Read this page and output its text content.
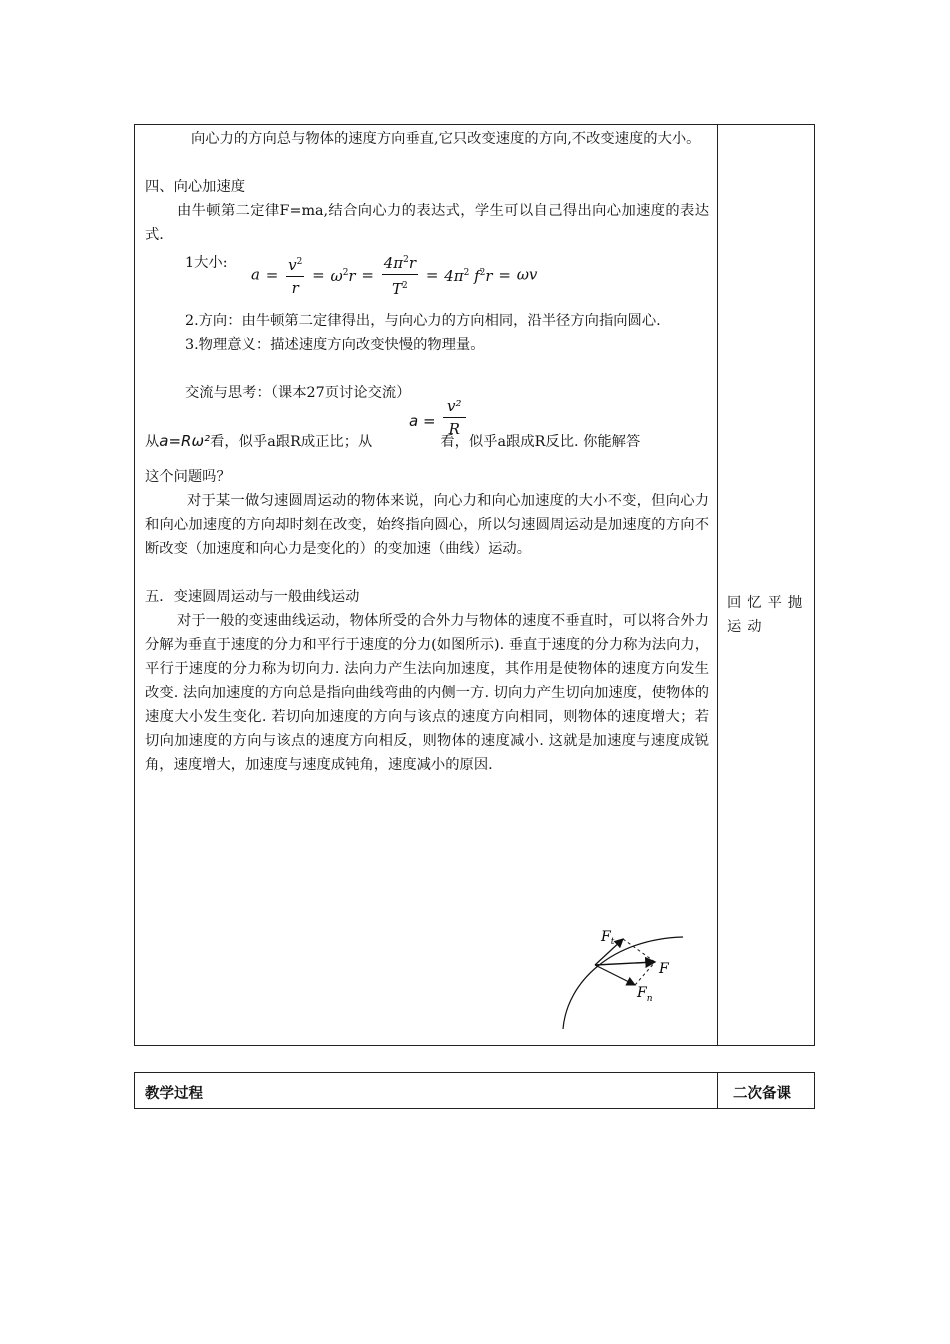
向心力的方向总与物体的速度方向垂直,它只改变速度的方向,不改变速度的大小。

四、向心加速度

由牛顿第二定律F=ma,结合向心力的表达式，学生可以自己得出向心加速度的表达式.

1大小:
$a = \frac{v^2}{r} = \omega^2r = \frac{4\pi^2r}{T^2} = 4\pi^2$ $f^2r = \omega v$

2.方向：由牛顿第二定律得出，与向心力的方向相同，沿半径方向指向圆心.

3.物理意义：描述速度方向改变快慢的物理量。

交流与思考：（课本27页讨论交流）

从a=Rω²看，似乎a跟R成正比；从	看，似乎a跟成R反比. 你能解答
$a = \frac{\text{v²}}{R}$

这个问题吗？

对于某一做匀速圆周运动的物体来说，向心力和向心加速度的大小不变，但向心力和向心加速度的方向却时刻在改变，始终指向圆心，所以匀速圆周运动是加速度的方向不断改变（加速度和向心力是变化的）的变加速（曲线）运动。

五．变速圆周运动与一般曲线运动

对于一般的变速曲线运动，物体所受的合外力与物体的速度不垂直时，可以将合外力分解为垂直于速度的分力和平行于速度的分力(如图所示). 垂直于速度的分力称为法向力，平行于速度的分力称为切向力. 法向力产生法向加速度，其作用是使物体的速度方向发生改变. 法向加速度的方向总是指向曲线弯曲的内侧一方. 切向力产生切向加速度，使物体的速度大小发生变化. 若切向加速度的方向与该点的速度方向相同，则物体的速度增大；若切向加速度的方向与该点的速度方向相反，则物体的速度减小. 这就是加速度与速度成锐角，速度增大，加速度与速度成钝角，速度减小的原因.

$F_t$
F
$F_n$
回忆平抛运动
教学过程	二次备课
